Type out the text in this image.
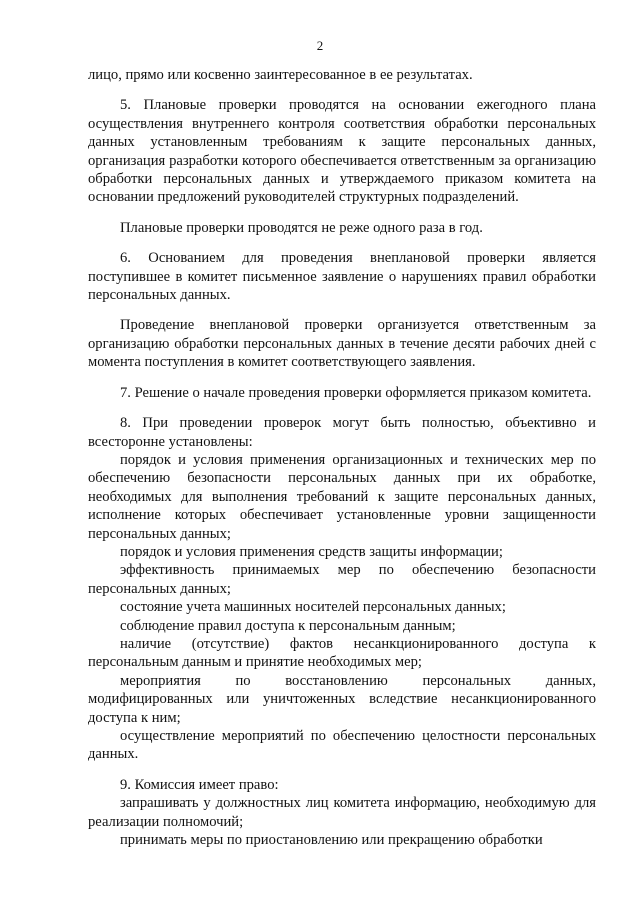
2

лицо, прямо или косвенно заинтересованное в ее результатах.

5. Плановые проверки проводятся на основании ежегодного плана осуществления внутреннего контроля соответствия обработки персональных данных установленным требованиям к защите персональных данных, организация разработки которого обеспечивается ответственным за организацию обработки персональных данных и утверждаемого приказом комитета на основании предложений руководителей структурных подразделений.

Плановые проверки проводятся не реже одного раза в год.

6. Основанием для проведения внеплановой проверки является поступившее в комитет письменное заявление о нарушениях правил обработки персональных данных.

Проведение внеплановой проверки организуется ответственным за организацию обработки персональных данных в течение десяти рабочих дней с момента поступления в комитет соответствующего заявления.

7. Решение о начале проведения проверки оформляется приказом комитета.

8. При проведении проверок могут быть полностью, объективно и всесторонне установлены:

порядок и условия применения организационных и технических мер по обеспечению безопасности персональных данных при их обработке, необходимых для выполнения требований к защите персональных данных, исполнение которых обеспечивает установленные уровни защищенности персональных данных;

порядок и условия применения средств защиты информации;

эффективность принимаемых мер по обеспечению безопасности персональных данных;

состояние учета машинных носителей персональных данных;

соблюдение правил доступа к персональным данным;

наличие (отсутствие) фактов несанкционированного доступа к персональным данным и принятие необходимых мер;

мероприятия по восстановлению персональных данных, модифицированных или уничтоженных вследствие несанкционированного доступа к ним;

осуществление мероприятий по обеспечению целостности персональных данных.

9. Комиссия имеет право:

запрашивать у должностных лиц комитета информацию, необходимую для реализации полномочий;

принимать меры по приостановлению или прекращению обработки
